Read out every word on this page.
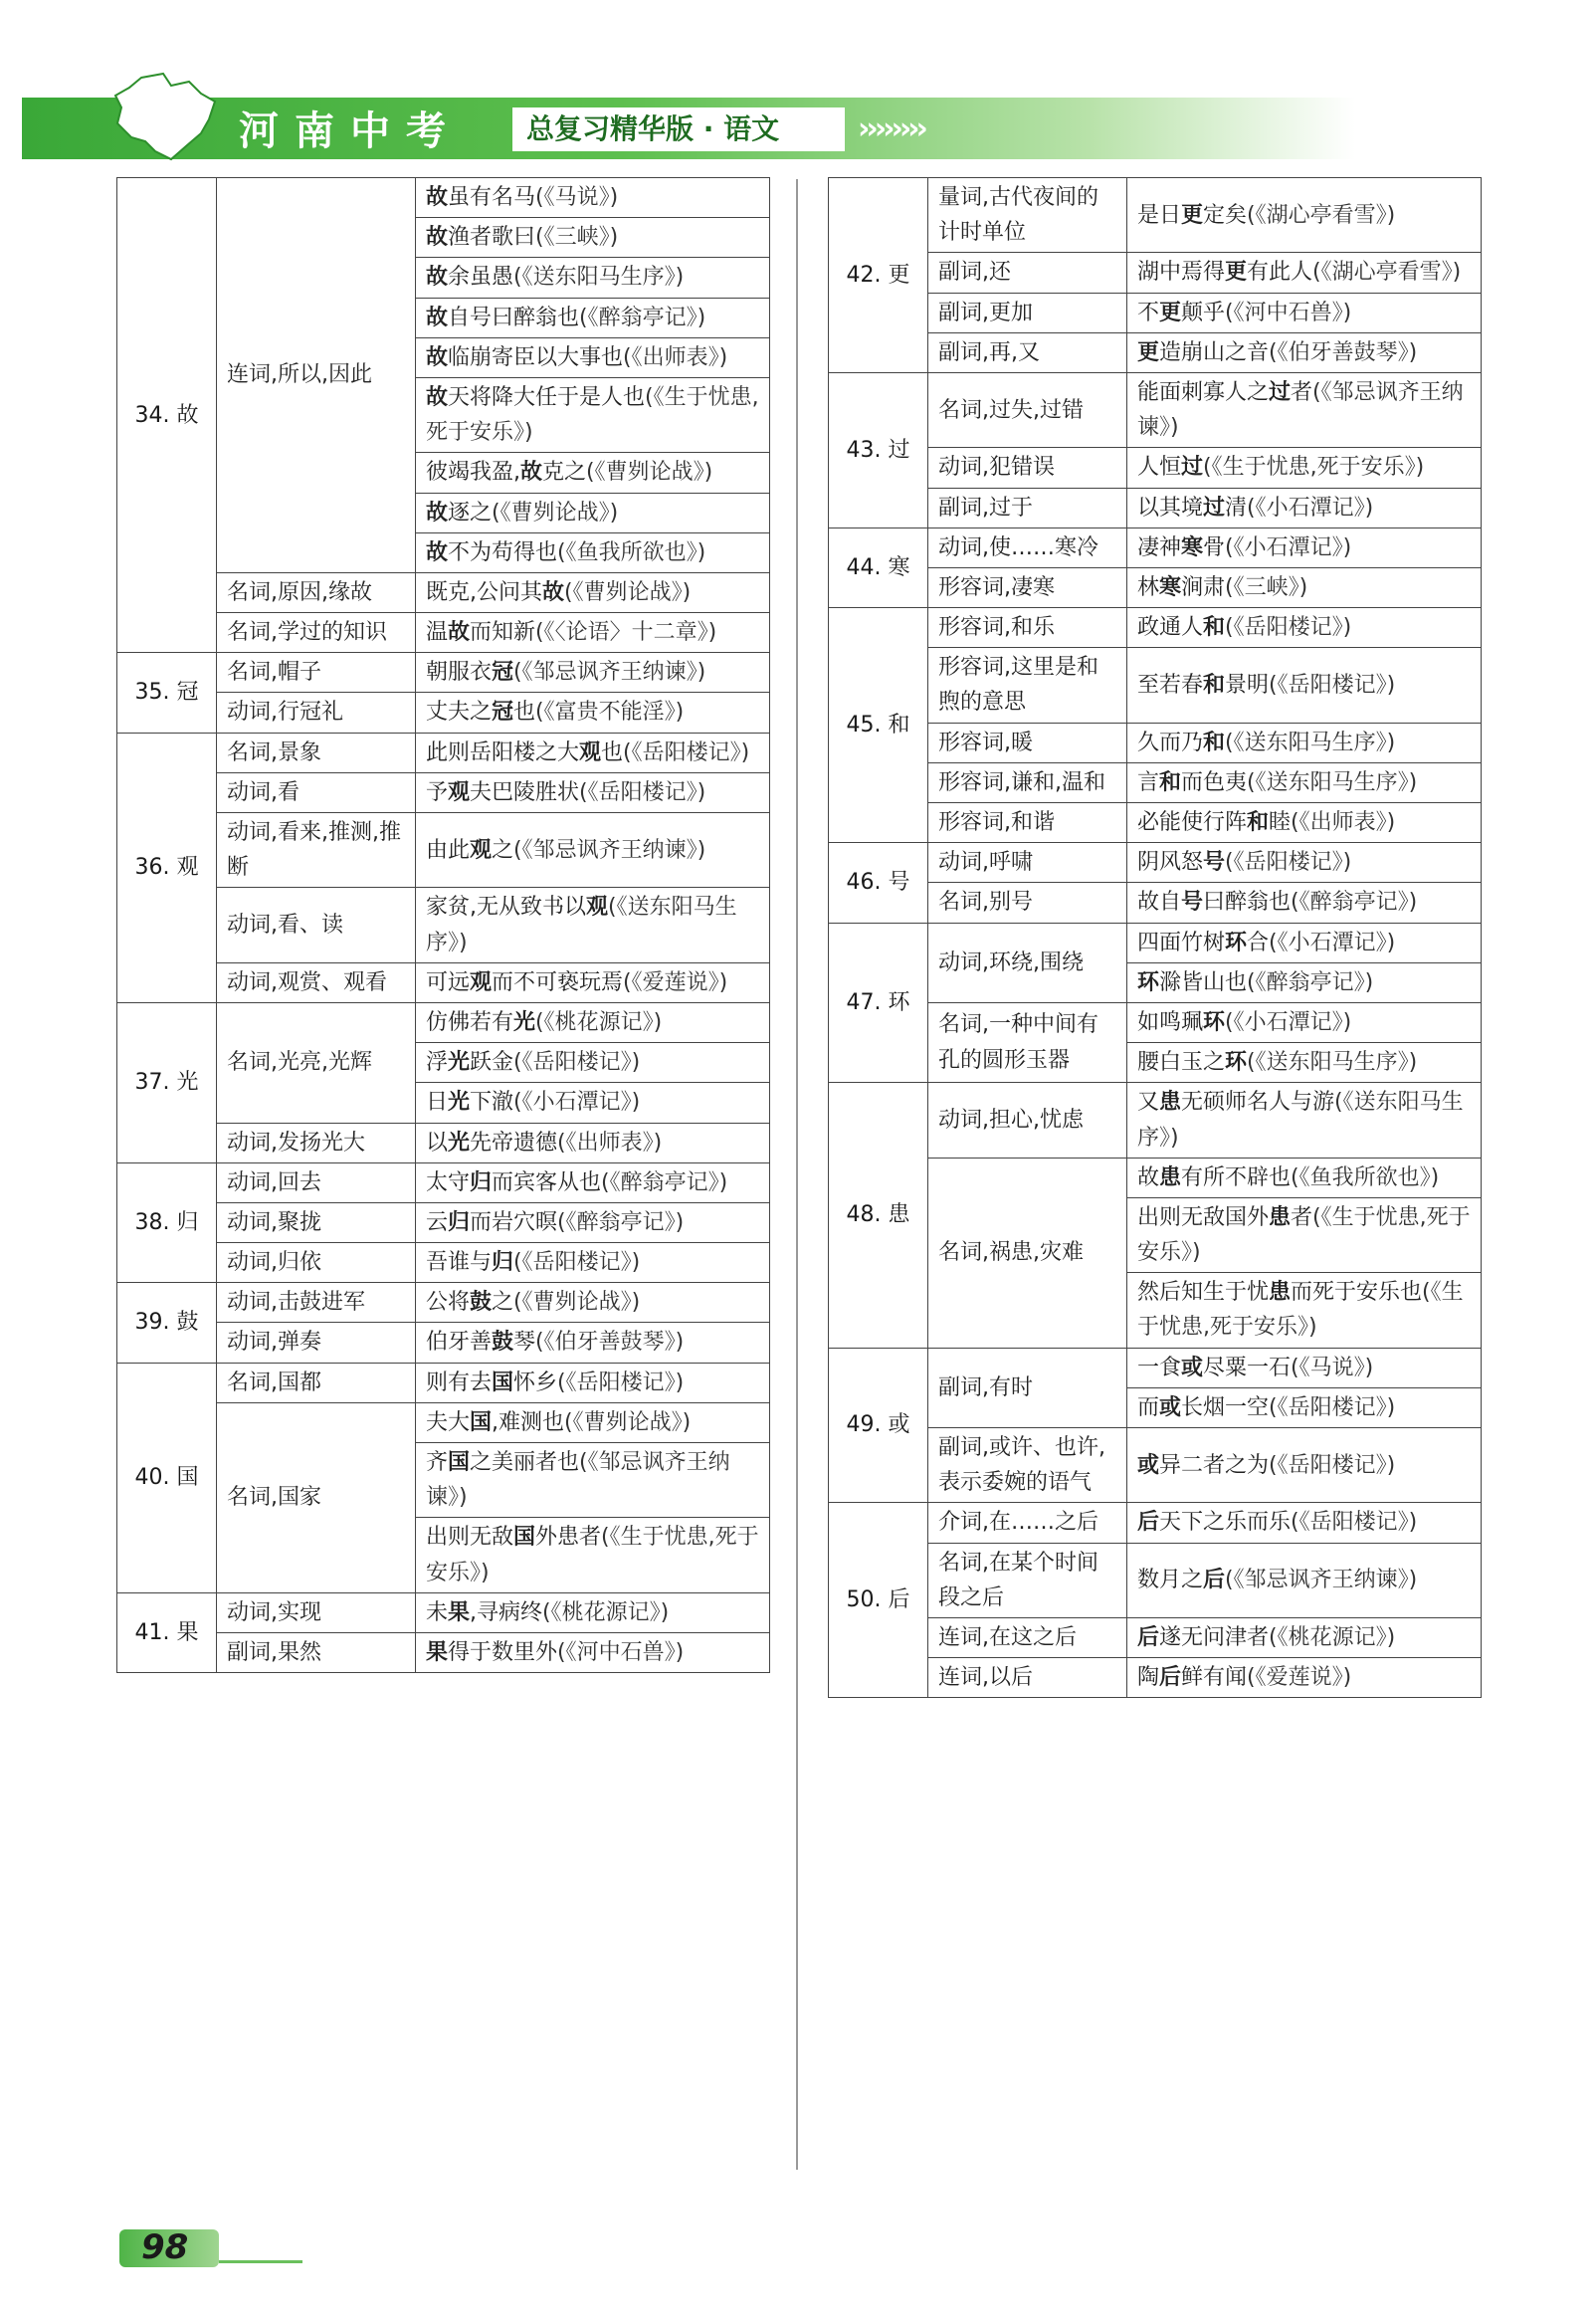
河南中考	总复习精华版 · 语文	››››››››
34. 故	连词,所以,因此	故虽有名马(《马说》)
		故渔者歌曰(《三峡》)
		故余虽愚(《送东阳马生序》)
		故自号曰醉翁也(《醉翁亭记》)
		故临崩寄臣以大事也(《出师表》)
		故天将降大任于是人也(《生于忧患,死于安乐》)
		彼竭我盈,故克之(《曹刿论战》)
		故逐之(《曹刿论战》)
		故不为苟得也(《鱼我所欲也》)
	名词,原因,缘故	既克,公问其故(《曹刿论战》)
	名词,学过的知识	温故而知新(《〈论语〉十二章》)
35. 冠	名词,帽子	朝服衣冠(《邹忌讽齐王纳谏》)
	动词,行冠礼	丈夫之冠也(《富贵不能淫》)
36. 观	名词,景象	此则岳阳楼之大观也(《岳阳楼记》)
	动词,看	予观夫巴陵胜状(《岳阳楼记》)
	动词,看来,推测,推断	由此观之(《邹忌讽齐王纳谏》)
	动词,看、读	家贫,无从致书以观(《送东阳马生序》)
	动词,观赏、观看	可远观而不可亵玩焉(《爱莲说》)
37. 光	名词,光亮,光辉	仿佛若有光(《桃花源记》)
		浮光跃金(《岳阳楼记》)
		日光下澈(《小石潭记》)
	动词,发扬光大	以光先帝遗德(《出师表》)
38. 归	动词,回去	太守归而宾客从也(《醉翁亭记》)
	动词,聚拢	云归而岩穴暝(《醉翁亭记》)
	动词,归依	吾谁与归(《岳阳楼记》)
39. 鼓	动词,击鼓进军	公将鼓之(《曹刿论战》)
	动词,弹奏	伯牙善鼓琴(《伯牙善鼓琴》)
40. 国	名词,国都	则有去国怀乡(《岳阳楼记》)
	名词,国家	夫大国,难测也(《曹刿论战》)
		齐国之美丽者也(《邹忌讽齐王纳谏》)
		出则无敌国外患者(《生于忧患,死于安乐》)
41. 果	动词,实现	未果,寻病终(《桃花源记》)
	副词,果然	果得于数里外(《河中石兽》)
42. 更	量词,古代夜间的计时单位	是日更定矣(《湖心亭看雪》)
	副词,还	湖中焉得更有此人(《湖心亭看雪》)
	副词,更加	不更颠乎(《河中石兽》)
	副词,再,又	更造崩山之音(《伯牙善鼓琴》)
43. 过	名词,过失,过错	能面刺寡人之过者(《邹忌讽齐王纳谏》)
	动词,犯错误	人恒过(《生于忧患,死于安乐》)
	副词,过于	以其境过清(《小石潭记》)
44. 寒	动词,使……寒冷	凄神寒骨(《小石潭记》)
	形容词,凄寒	林寒涧肃(《三峡》)
45. 和	形容词,和乐	政通人和(《岳阳楼记》)
	形容词,这里是和煦的意思	至若春和景明(《岳阳楼记》)
	形容词,暖	久而乃和(《送东阳马生序》)
	形容词,谦和,温和	言和而色夷(《送东阳马生序》)
	形容词,和谐	必能使行阵和睦(《出师表》)
46. 号	动词,呼啸	阴风怒号(《岳阳楼记》)
	名词,别号	故自号曰醉翁也(《醉翁亭记》)
47. 环	动词,环绕,围绕	四面竹树环合(《小石潭记》)
		环滁皆山也(《醉翁亭记》)
	名词,一种中间有孔的圆形玉器	如鸣珮环(《小石潭记》)
		腰白玉之环(《送东阳马生序》)
48. 患	动词,担心,忧虑	又患无硕师名人与游(《送东阳马生序》)
	名词,祸患,灾难	故患有所不辟也(《鱼我所欲也》)
		出则无敌国外患者(《生于忧患,死于安乐》)
		然后知生于忧患而死于安乐也(《生于忧患,死于安乐》)
49. 或	副词,有时	一食或尽粟一石(《马说》)
		而或长烟一空(《岳阳楼记》)
	副词,或许、也许,表示委婉的语气	或异二者之为(《岳阳楼记》)
50. 后	介词,在……之后	后天下之乐而乐(《岳阳楼记》)
	名词,在某个时间段之后	数月之后(《邹忌讽齐王纳谏》)
	连词,在这之后	后遂无问津者(《桃花源记》)
	连词,以后	陶后鲜有闻(《爱莲说》)
98
